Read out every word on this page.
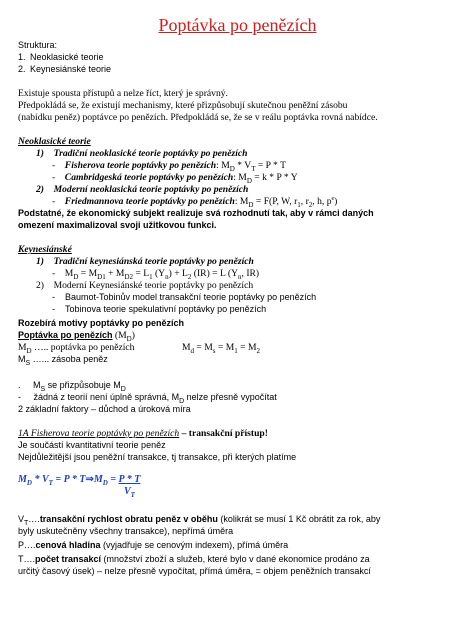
Poptávka po penězích
Struktura:
1. Neoklasické teorie
2. Keynesiánské teorie
Existuje spousta přístupů a nelze říct, který je správný.
Předpokládá se, že existují mechanismy, které přizpůsobují skutečnou peněžní zásobu
(nabídku peněz) poptávce po penězích. Předpokládá se, že se v reálu poptávka rovná nabídce.
Neoklasické teorie
1) Tradiční neoklasické teorie poptávky po penězích
-    Fisherova teorie poptávky po penězích: $M_D * V_T = P * T$
-    Cambridgeská teorie poptávky po penězích: $M_D = k * P * Y$
2) Moderní neoklasická teorie poptávky po penězích
-    Friedmannova teorie poptávky po penězích: $M_D = F(P$, W, $r_1$, $r_2$, h, $p^e$)
Podstatné, že ekonomický subjekt realizuje svá rozhodnutí tak, aby v rámci daných
omezení maximalizoval svoji užitkovou funkci.
Keynesiánské
1) Tradiční keynesiánská teorie poptávky po penězích
-    $M_D = M_{D1} + M_{D2} = L_1$ $(Y_n) + L_2$ (IR) = L ($Y_n$, IR)
2) Moderní Keynesiánské teorie poptávky po penězích
-    Baumot-Tobinův model transakční teorie poptávky po penězích
-    Tobinova teorie spekulativní poptávky po penězích
Rozebírá motivy poptávky po penězích
Poptávka po penězích $(M_D)$
$M_D$ ….. poptávka po penězích	$M_d = M_s = M_1 = M_2$
$M_S$ …... zásoba peněz
.     $M_S$ se přizpůsobuje $M_D$
-     žádná z teorií není úplně správná, $M_D$ nelze přesně vypočítat
2 základní faktory – důchod a úroková míra
1A Fisherova teorie poptávky po penězích – transakční přístup!
Je součástí kvantitativní teorie peněz
Nejdůležitější jsou peněžní transakce, tj transakce, při kterých platíme
$M_D * V_T = P$ * $T\Rightarrow M_D = \frac{P * T}{V_T}$
$V_T\dots.transakční$ rychlost obratu peněz v oběhu (kolikrát se musí 1 Kč obrátit za rok, aby
byly uskutečněny všechny transakce), nepřímá úměra
P….cenová hladina (vyjadřuje se cenovým indexem), přímá úměra
T….počet transakcí (množství zboží a služeb, které bylo v dané ekonomice prodáno za
určitý časový úsek) – nelze přesně vypočítat, přímá úměra, = objem peněžních transakcí
